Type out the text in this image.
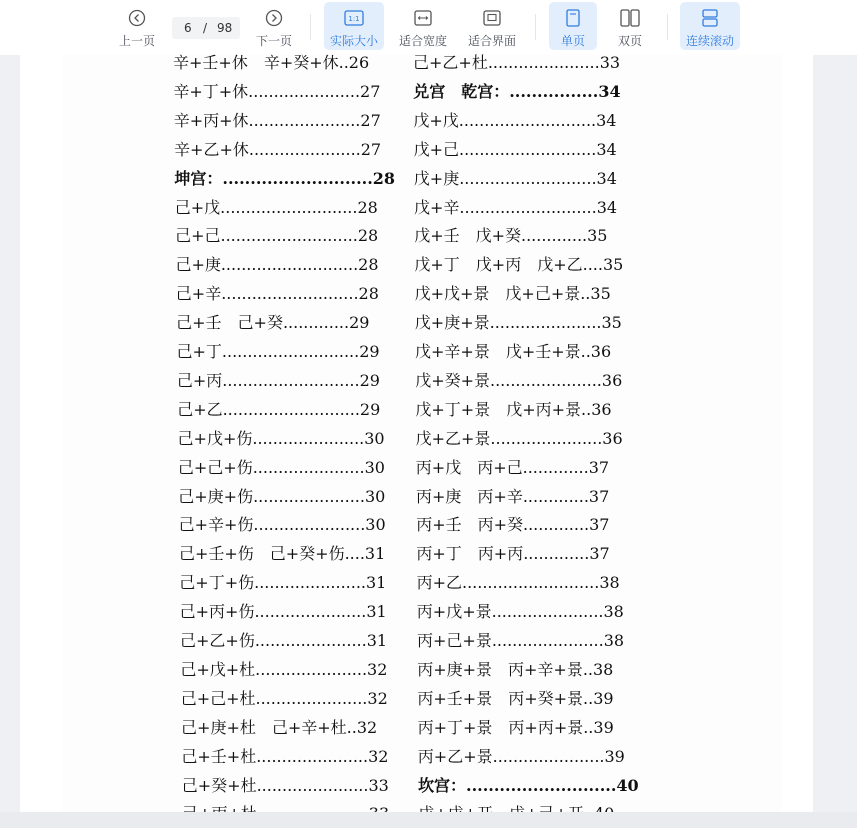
上一页
6 / 98
下一页
1:1
实际大小 适合宽度 适合界面	单页	双页	连续滚动
辛+壬+休　辛+癸+休..26
辛+丁+休......................27
辛+丙+休......................27
辛+乙+休......................27
坤宫：...........................28
己+戊...........................28
己+己...........................28
己+庚...........................28
己+辛...........................28
己+壬　己+癸.............29
己+丁...........................29
己+丙...........................29
己+乙...........................29
己+戊+伤......................30
己+己+伤......................30
己+庚+伤......................30
己+辛+伤......................30
己+壬+伤　己+癸+伤....31
己+丁+伤......................31
己+丙+伤......................31
己+乙+伤......................31
己+戊+杜......................32
己+己+杜......................32
己+庚+杜　己+辛+杜..32
己+壬+杜......................32
己+癸+杜......................33
己+乙+杜......................33
兑宫　乾宫：................34
戊+戊...........................34
戊+己...........................34
戊+庚...........................34
戊+辛...........................34
戊+壬　戊+癸.............35
戊+丁　戊+丙　戊+乙....35
戊+戊+景　戊+己+景..35
戊+庚+景......................35
戊+辛+景　戊+壬+景..36
戊+癸+景......................36
戊+丁+景　戊+丙+景..36
戊+乙+景......................36
丙+戊　丙+己.............37
丙+庚　丙+辛.............37
丙+壬　丙+癸.............37
丙+丁　丙+丙.............37
丙+乙...........................38
丙+戊+景......................38
丙+己+景......................38
丙+庚+景　丙+辛+景..38
丙+壬+景　丙+癸+景..39
丙+丁+景　丙+丙+景..39
丙+乙+景......................39
坎宫：...........................40
